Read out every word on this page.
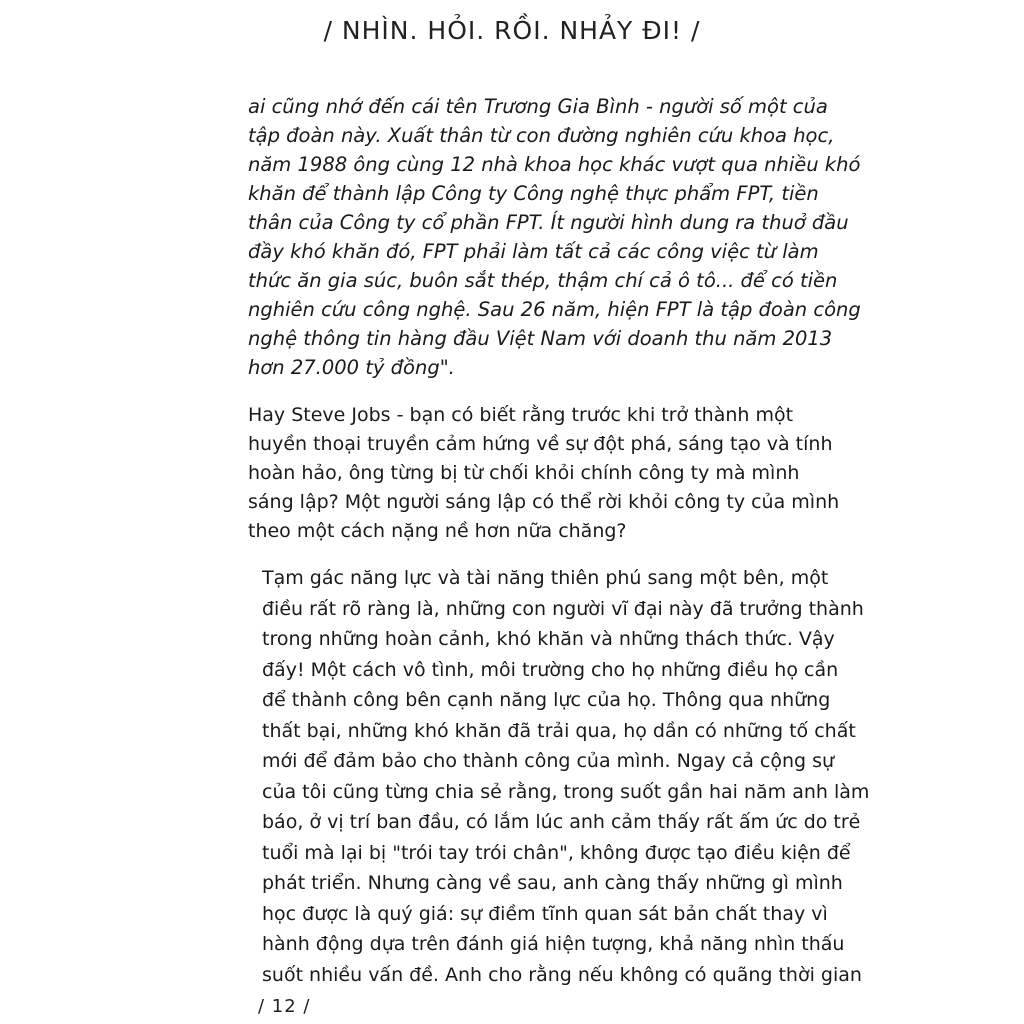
/ NHÌN. HỎI. RỒI. NHẢY ĐI! /
ai cũng nhớ đến cái tên Trương Gia Bình - người số một của
tập đoàn này. Xuất thân từ con đường nghiên cứu khoa học,
năm 1988 ông cùng 12 nhà khoa học khác vượt qua nhiều khó
khăn để thành lập Công ty Công nghệ thực phẩm FPT, tiền
thân của Công ty cổ phần FPT. Ít người hình dung ra thuở đầu
đầy khó khăn đó, FPT phải làm tất cả các công việc từ làm
thức ăn gia súc, buôn sắt thép, thậm chí cả ô tô... để có tiền
nghiên cứu công nghệ. Sau 26 năm, hiện FPT là tập đoàn công
nghệ thông tin hàng đầu Việt Nam với doanh thu năm 2013
hơn 27.000 tỷ đồng".
Hay Steve Jobs - bạn có biết rằng trước khi trở thành một
huyền thoại truyền cảm hứng về sự đột phá, sáng tạo và tính
hoàn hảo, ông từng bị từ chối khỏi chính công ty mà mình
sáng lập? Một người sáng lập có thể rời khỏi công ty của mình
theo một cách nặng nề hơn nữa chăng?
Tạm gác năng lực và tài năng thiên phú sang một bên, một
điều rất rõ ràng là, những con người vĩ đại này đã trưởng thành
trong những hoàn cảnh, khó khăn và những thách thức. Vậy
đấy! Một cách vô tình, môi trường cho họ những điều họ cần
để thành công bên cạnh năng lực của họ. Thông qua những
thất bại, những khó khăn đã trải qua, họ dần có những tố chất
mới để đảm bảo cho thành công của mình. Ngay cả cộng sự
của tôi cũng từng chia sẻ rằng, trong suốt gần hai năm anh làm
báo, ở vị trí ban đầu, có lắm lúc anh cảm thấy rất ấm ức do trẻ
tuổi mà lại bị "trói tay trói chân", không được tạo điều kiện để
phát triển. Nhưng càng về sau, anh càng thấy những gì mình
học được là quý giá: sự điềm tĩnh quan sát bản chất thay vì
hành động dựa trên đánh giá hiện tượng, khả năng nhìn thấu
suốt nhiều vấn đề. Anh cho rằng nếu không có quãng thời gian
/ 12 /
